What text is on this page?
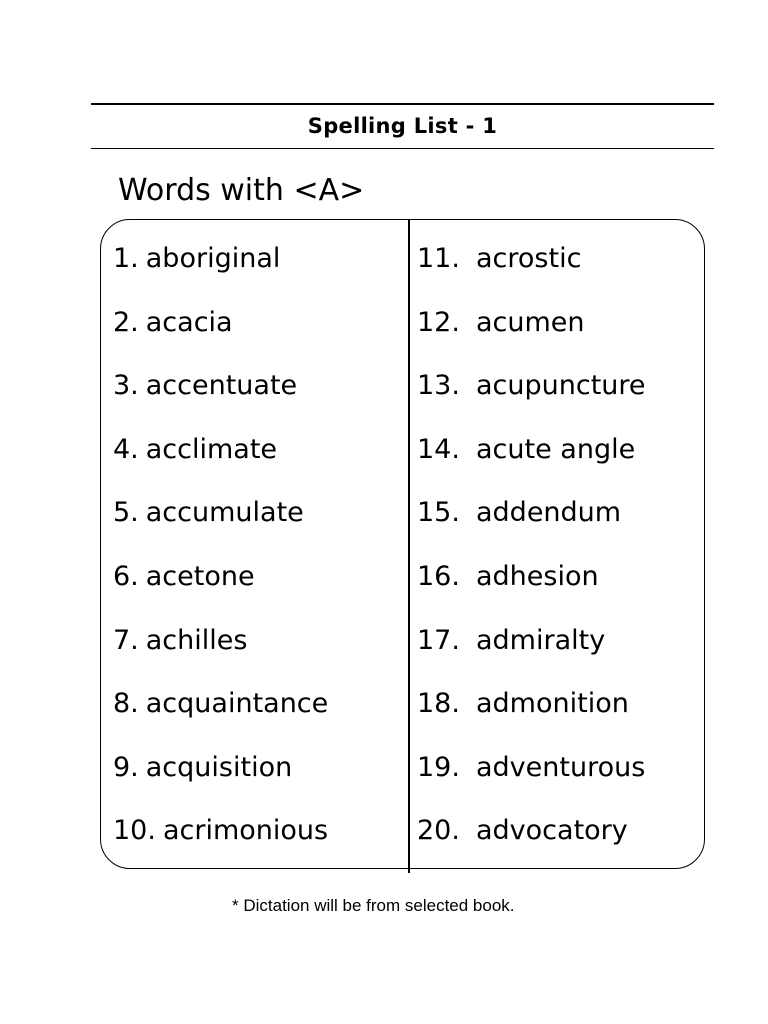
Spelling List - 1
Words with <A>
1. aboriginal
2. acacia
3. accentuate
4. acclimate
5. accumulate
6. acetone
7. achilles
8. acquaintance
9. acquisition
10. acrimonious
11. acrostic
12. acumen
13. acupuncture
14. acute angle
15. addendum
16. adhesion
17. admiralty
18. admonition
19. adventurous
20. advocatory
* Dictation will be from selected book.
